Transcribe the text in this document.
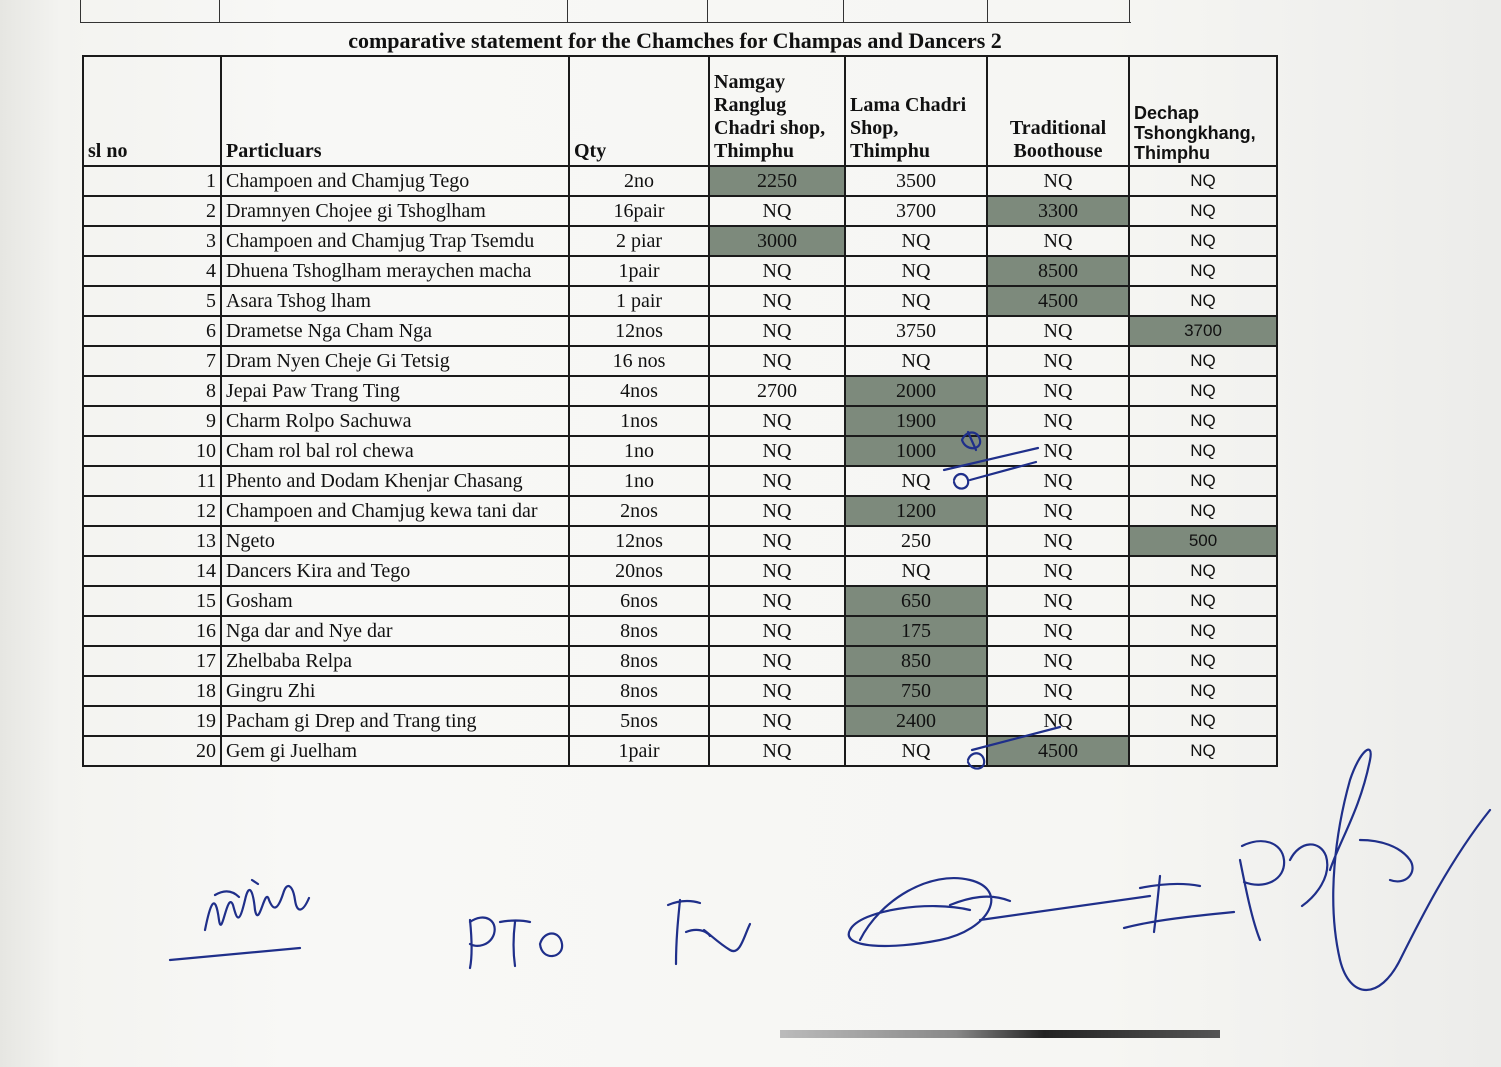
comparative statement for the Chamches for Champas and Dancers 2
sl no	Particluars	Qty	Namgay Ranglug Chadri shop, Thimphu	Lama Chadri Shop, Thimphu	Traditional Boothouse	Dechap Tshongkhang, Thimphu
1	Champoen and Chamjug Tego	2no	2250	3500	NQ	NQ
2	Dramnyen Chojee gi Tshoglham	16pair	NQ	3700	3300	NQ
3	Champoen and Chamjug Trap Tsemdu	2 piar	3000	NQ	NQ	NQ
4	Dhuena Tshoglham meraychen macha	1pair	NQ	NQ	8500	NQ
5	Asara Tshog lham	1 pair	NQ	NQ	4500	NQ
6	Drametse Nga Cham Nga	12nos	NQ	3750	NQ	3700
7	Dram Nyen Cheje Gi Tetsig	16 nos	NQ	NQ	NQ	NQ
8	Jepai Paw Trang Ting	4nos	2700	2000	NQ	NQ
9	Charm Rolpo Sachuwa	1nos	NQ	1900	NQ	NQ
10	Cham rol bal rol chewa	1no	NQ	1000	NQ	NQ
11	Phento and Dodam Khenjar Chasang	1no	NQ	NQ	NQ	NQ
12	Champoen and Chamjug kewa tani dar	2nos	NQ	1200	NQ	NQ
13	Ngeto	12nos	NQ	250	NQ	500
14	Dancers Kira and Tego	20nos	NQ	NQ	NQ	NQ
15	Gosham	6nos	NQ	650	NQ	NQ
16	Nga dar and Nye dar	8nos	NQ	175	NQ	NQ
17	Zhelbaba Relpa	8nos	NQ	850	NQ	NQ
18	Gingru Zhi	8nos	NQ	750	NQ	NQ
19	Pacham gi Drep and Trang ting	5nos	NQ	2400	NQ	NQ
20	Gem gi Juelham	1pair	NQ	NQ	4500	NQ
